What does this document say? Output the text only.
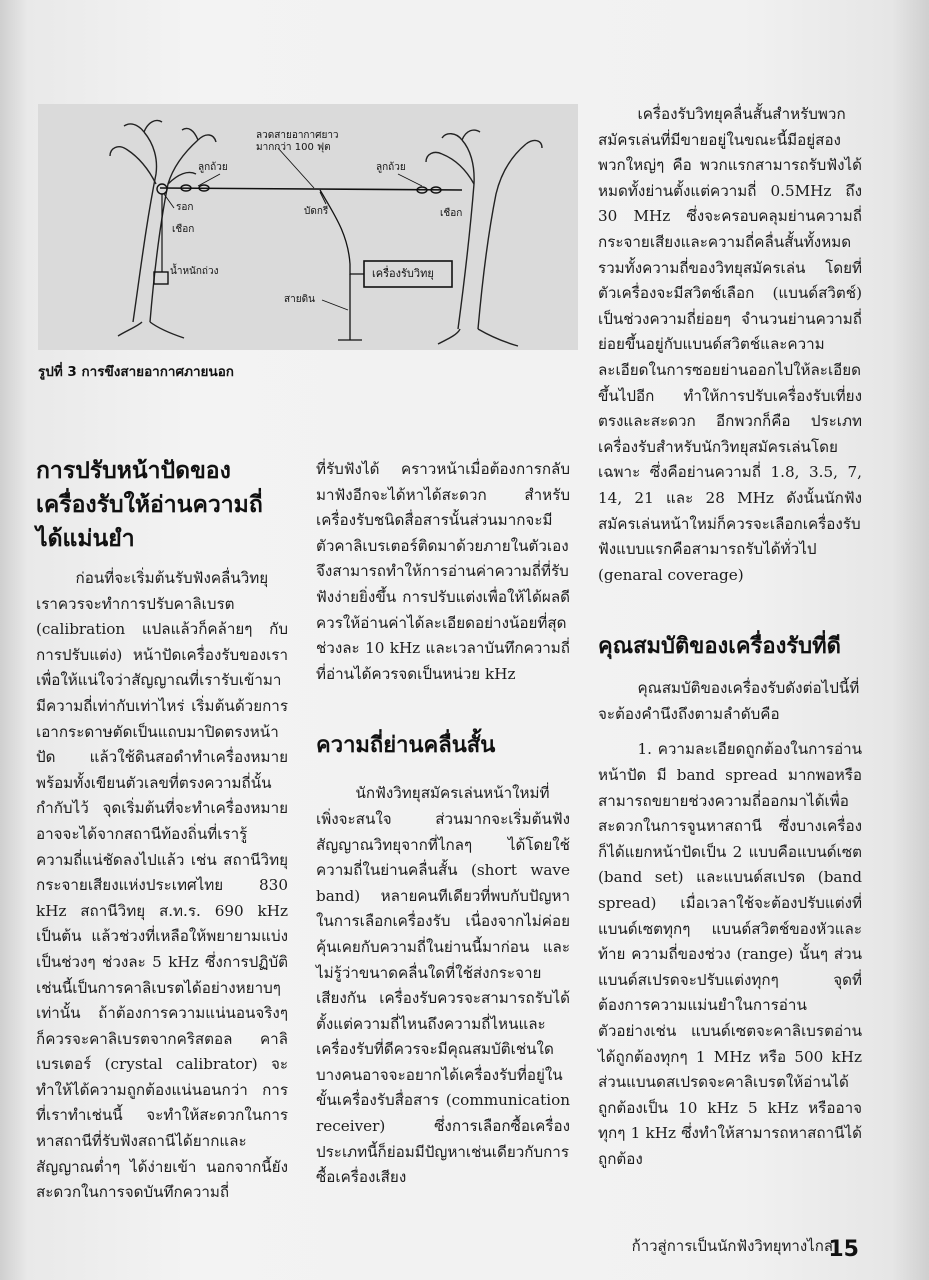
ลวดสายอากาศยาว
มากกว่า 100 ฟุต
ลูกถ้วย	ลูกถ้วย
รอก
เชือก
เชือก
น้ำหนักถ่วง
บัดกรี
เครื่องรับวิทยุ
สายดิน
รูปที่ 3 การขึงสายอากาศภายนอก
การปรับหน้าปัดของเครื่องรับให้อ่านความถี่ได้แม่นยำ

ก่อนที่จะเริ่มต้นรับฟังคลื่นวิทยุ เราควรจะทำการปรับคาลิเบรต (calibration แปลแล้วก็คล้ายๆ กับการปรับแต่ง) หน้าปัดเครื่องรับของเรา เพื่อให้แน่ใจว่าสัญญาณที่เรารับเข้ามามีความถี่เท่ากับเท่าไหร่ เริ่มต้นด้วยการเอากระดาษตัดเป็นแถบมาปิดตรงหน้าปัด แล้วใช้ดินสอดำทำเครื่องหมาย พร้อมทั้งเขียนตัวเลขที่ตรงความถี่นั้นกำกับไว้ จุดเริ่มต้นที่จะทำเครื่องหมายอาจจะได้จากสถานีท้องถิ่นที่เรารู้ความถี่แน่ชัดลงไปแล้ว เช่น สถานีวิทยุกระจายเสียงแห่งประเทศไทย 830 kHz สถานีวิทยุ ส.ท.ร. 690 kHz เป็นต้น แล้วช่วงที่เหลือให้พยายามแบ่งเป็นช่วงๆ ช่วงละ 5 kHz ซึ่งการปฏิบัติเช่นนี้เป็นการคาลิเบรตได้อย่างหยาบๆ เท่านั้น ถ้าต้องการความแน่นอนจริงๆ ก็ควรจะคาลิเบรตจากคริสตอล คาลิเบรเตอร์ (crystal calibrator) จะทำให้ได้ความถูกต้องแน่นอนกว่า การที่เราทำเช่นนี้ จะทำให้สะดวกในการหาสถานีที่รับฟังสถานีได้ยากและสัญญาณต่ำๆ ได้ง่ายเข้า นอกจากนี้ยังสะดวกในการจดบันทึกความถี่

ที่รับฟังได้ คราวหน้าเมื่อต้องการกลับมาฟังอีกจะได้หาได้สะดวก สำหรับเครื่องรับชนิดสื่อสารนั้นส่วนมากจะมีตัวคาลิเบรเตอร์ติดมาด้วยภายในตัวเอง จึงสามารถทำให้การอ่านค่าความถี่ที่รับฟังง่ายยิ่งขึ้น การปรับแต่งเพื่อให้ได้ผลดีควรให้อ่านค่าได้ละเอียดอย่างน้อยที่สุดช่วงละ 10 kHz และเวลาบันทึกความถี่ที่อ่านได้ควรจดเป็นหน่วย kHz

ความถี่ย่านคลื่นสั้น

นักฟังวิทยุสมัครเล่นหน้าใหม่ที่เพิ่งจะสนใจ ส่วนมากจะเริ่มต้นฟังสัญญาณวิทยุจากที่ไกลๆ ได้โดยใช้ความถี่ในย่านคลื่นสั้น (short wave band) หลายคนทีเดียวที่พบกับปัญหาในการเลือกเครื่องรับ เนื่องจากไม่ค่อยคุ้นเคยกับความถี่ในย่านนี้มาก่อน และไม่รู้ว่าขนาดคลื่นใดที่ใช้ส่งกระจายเสียงกัน เครื่องรับควรจะสามารถรับได้ตั้งแต่ความถี่ไหนถึงความถี่ไหนและเครื่องรับที่ดีควรจะมีคุณสมบัติเช่นใด บางคนอาจจะอยากได้เครื่องรับที่อยู่ในขั้นเครื่องรับสื่อสาร (communication receiver) ซึ่งการเลือกซื้อเครื่องประเภทนี้ก็ย่อมมีปัญหาเช่นเดียวกับการซื้อเครื่องเสียง

เครื่องรับวิทยุคลื่นสั้นสำหรับพวกสมัครเล่นที่มีขายอยู่ในขณะนี้มีอยู่สองพวกใหญ่ๆ คือ พวกแรกสามารถรับฟังได้หมดทั้งย่านตั้งแต่ความถี่ 0.5MHz ถึง 30 MHz ซึ่งจะครอบคลุมย่านความถี่กระจายเสียงและความถี่คลื่นสั้นทั้งหมดรวมทั้งความถี่ของวิทยุสมัครเล่น โดยที่ตัวเครื่องจะมีสวิตช์เลือก (แบนด์สวิตช์) เป็นช่วงความถี่ย่อยๆ จำนวนย่านความถี่ย่อยขึ้นอยู่กับแบนด์สวิตช์และความละเอียดในการซอยย่านออกไปให้ละเอียดขึ้นไปอีก ทำให้การปรับเครื่องรับเที่ยงตรงและสะดวก อีกพวกก็คือ ประเภทเครื่องรับสำหรับนักวิทยุสมัครเล่นโดยเฉพาะ ซึ่งคือย่านความถี่ 1.8, 3.5, 7, 14, 21 และ 28 MHz ดังนั้นนักฟังสมัครเล่นหน้าใหม่ก็ควรจะเลือกเครื่องรับฟังแบบแรกคือสามารถรับได้ทั่วไป (genaral coverage)

คุณสมบัติของเครื่องรับที่ดี

คุณสมบัติของเครื่องรับดังต่อไปนี้ที่จะต้องคำนึงถึงตามลำดับคือ

1. ความละเอียดถูกต้องในการอ่านหน้าปัด มี band spread มากพอหรือสามารถขยายช่วงความถี่ออกมาได้เพื่อสะดวกในการจูนหาสถานี ซึ่งบางเครื่องก็ได้แยกหน้าปัดเป็น 2 แบบคือแบนด์เซต (band set) และแบนด์สเปรด (band spread) เมื่อเวลาใช้จะต้องปรับแต่งที่แบนด์เซตทุกๆ แบนด์สวิตช์ของหัวและท้าย ความถี่ของช่วง (range) นั้นๆ ส่วนแบนด์สเปรดจะปรับแต่งทุกๆ จุดที่ต้องการความแม่นยำในการอ่าน ตัวอย่างเช่น แบนด์เซตจะคาลิเบรตอ่านได้ถูกต้องทุกๆ 1 MHz หรือ 500 kHz ส่วนแบนดสเปรดจะคาลิเบรตให้อ่านได้ถูกต้องเป็น 10 kHz 5 kHz หรืออาจทุกๆ 1 kHz ซึ่งทำให้สามารถหาสถานีได้ถูกต้อง

ก้าวสู่การเป็นนักฟังวิทยุทางไกล
15
